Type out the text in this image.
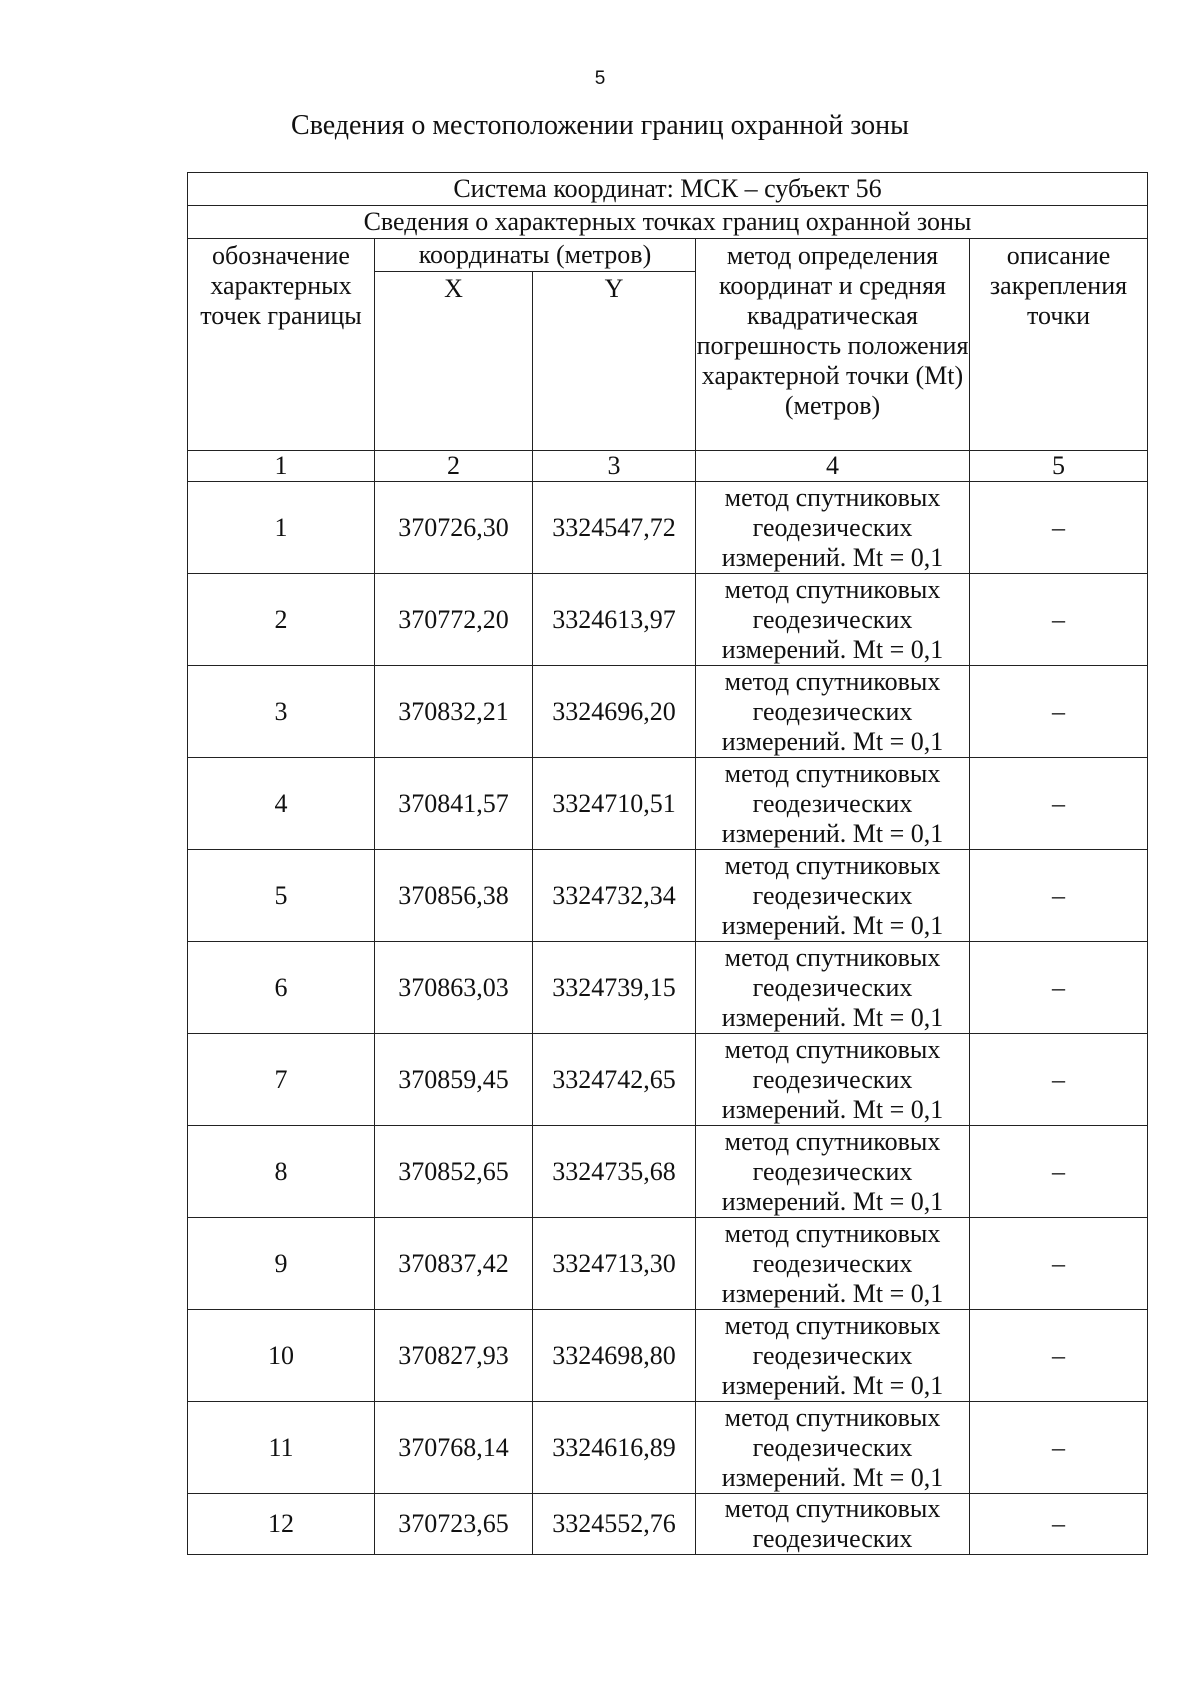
5
Сведения о местоположении границ охранной зоны
Система координат: МСК – субъект 56				
Сведения о характерных точках границ охранной зоны				
обозначение характерных точек границы	координаты (метров)		метод определения координат и средняя квадратическая погрешность положения характерной точки (Mt) (метров)	описание закрепления точки
	X	Y		
1	2	3	4	5
1	370726,30	3324547,72	метод спутниковых геодезических измерений. Mt = 0,1	–
2	370772,20	3324613,97	метод спутниковых геодезических измерений. Mt = 0,1	–
3	370832,21	3324696,20	метод спутниковых геодезических измерений. Mt = 0,1	–
4	370841,57	3324710,51	метод спутниковых геодезических измерений. Mt = 0,1	–
5	370856,38	3324732,34	метод спутниковых геодезических измерений. Mt = 0,1	–
6	370863,03	3324739,15	метод спутниковых геодезических измерений. Mt = 0,1	–
7	370859,45	3324742,65	метод спутниковых геодезических измерений. Mt = 0,1	–
8	370852,65	3324735,68	метод спутниковых геодезических измерений. Mt = 0,1	–
9	370837,42	3324713,30	метод спутниковых геодезических измерений. Mt = 0,1	–
10	370827,93	3324698,80	метод спутниковых геодезических измерений. Mt = 0,1	–
11	370768,14	3324616,89	метод спутниковых геодезических измерений. Mt = 0,1	–
12	370723,65	3324552,76	метод спутниковых геодезических	–
